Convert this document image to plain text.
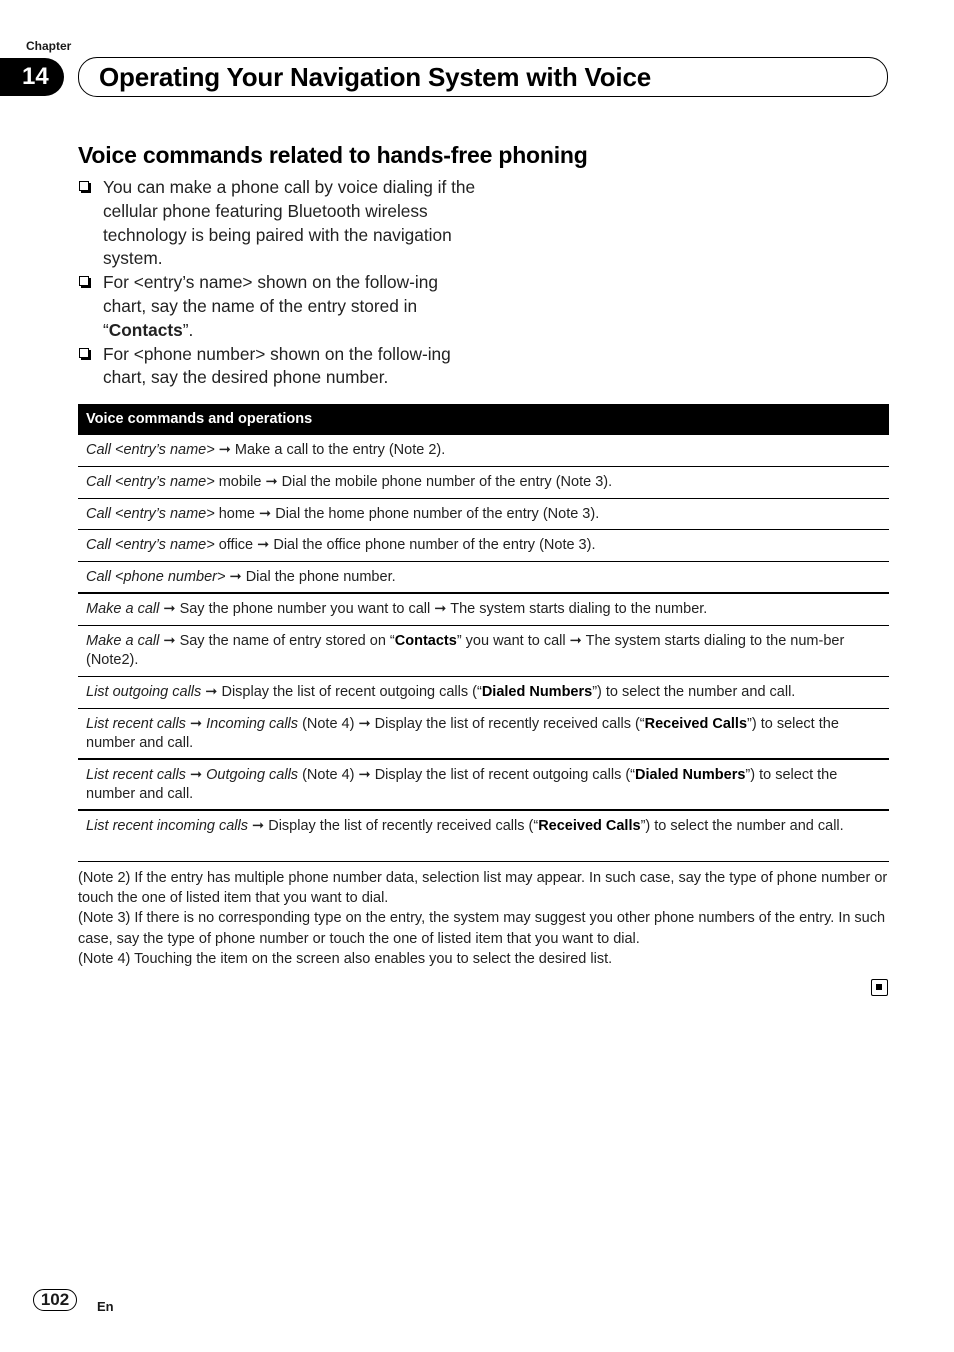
Chapter
14	Operating Your Navigation System with Voice
Voice commands related to hands-free phoning
You can make a phone call by voice dialing if the cellular phone featuring Bluetooth wireless technology is being paired with the navigation system.
For <entry’s name> shown on the follow-ing chart, say the name of the entry stored in “Contacts”.
For <phone number> shown on the follow-ing chart, say the desired phone number.
Voice commands and operations
Call <entry’s name> ➞ Make a call to the entry (Note 2).
Call <entry’s name> mobile ➞ Dial the mobile phone number of the entry (Note 3).
Call <entry’s name> home ➞ Dial the home phone number of the entry (Note 3).
Call <entry’s name> office ➞ Dial the office phone number of the entry (Note 3).
Call <phone number> ➞ Dial the phone number.
Make a call ➞ Say the phone number you want to call ➞ The system starts dialing to the number.
Make a call ➞ Say the name of entry stored on “Contacts” you want to call ➞ The system starts dialing to the num-ber (Note2).
List outgoing calls ➞ Display the list of recent outgoing calls (“Dialed Numbers”) to select the number and call.
List recent calls ➞ Incoming calls (Note 4) ➞ Display the list of recently received calls (“Received Calls”) to select the number and call.
List recent calls ➞ Outgoing calls (Note 4) ➞ Display the list of recent outgoing calls (“Dialed Numbers”) to select the number and call.
List recent incoming calls ➞ Display the list of recently received calls (“Received Calls”) to select the number and call.
(Note 2) If the entry has multiple phone number data, selection list may appear. In such case, say the type of phone number or touch the one of listed item that you want to dial.
(Note 3) If there is no corresponding type on the entry, the system may suggest you other phone numbers of the entry. In such case, say the type of phone number or touch the one of listed item that you want to dial.
(Note 4) Touching the item on the screen also enables you to select the desired list.
102	En
